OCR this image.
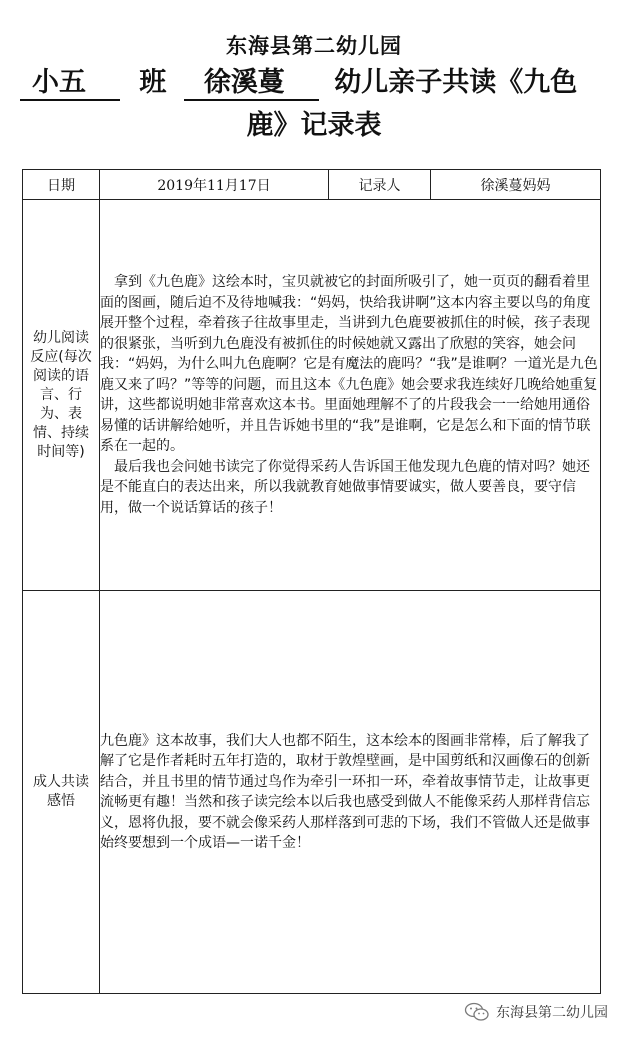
东海县第二幼儿园
小五 班 徐溪蔓 幼儿亲子共读《九色
鹿》记录表
日期	2019年11月17日	记录人	徐溪蔓妈妈

幼儿阅读反应(每次阅读的语言、行为、表情、持续时间等)	拿到《九色鹿》这绘本时，宝贝就被它的封面所吸引了，她一页页的翻看着里面的图画，随后迫不及待地喊我：“妈妈，快给我讲啊”这本内容主要以鸟的角度展开整个过程，牵着孩子往故事里走，当讲到九色鹿要被抓住的时候，孩子表现的很紧张，当听到九色鹿没有被抓住的时候她就又露出了欣慰的笑容，她会问我：“妈妈，为什么叫九色鹿啊？它是有魔法的鹿吗？“我”是谁啊？一道光是九色鹿又来了吗？”等等的问题，而且这本《九色鹿》她会要求我连续好几晚给她重复讲，这些都说明她非常喜欢这本书。里面她理解不了的片段我会一一给她用通俗易懂的话讲解给她听，并且告诉她书里的“我”是谁啊，它是怎么和下面的情节联系在一起的。

最后我也会问她书读完了你觉得采药人告诉国王他发现九色鹿的情对吗？她还是不能直白的表达出来，所以我就教育她做事情要诚实，做人要善良，要守信用，做一个说话算话的孩子！		

成人共读感悟	九色鹿》这本故事，我们大人也都不陌生，这本绘本的图画非常棒，后了解我了解了它是作者耗时五年打造的，取材于敦煌壁画，是中国剪纸和汉画像石的创新结合，并且书里的情节通过鸟作为牵引一环扣一环，牵着故事情节走，让故事更流畅更有趣！当然和孩子读完绘本以后我也感受到做人不能像采药人那样背信忘义，恩将仇报，要不就会像采药人那样落到可悲的下场，我们不管做人还是做事始终要想到一个成语—一诺千金！		

东海县第二幼儿园
